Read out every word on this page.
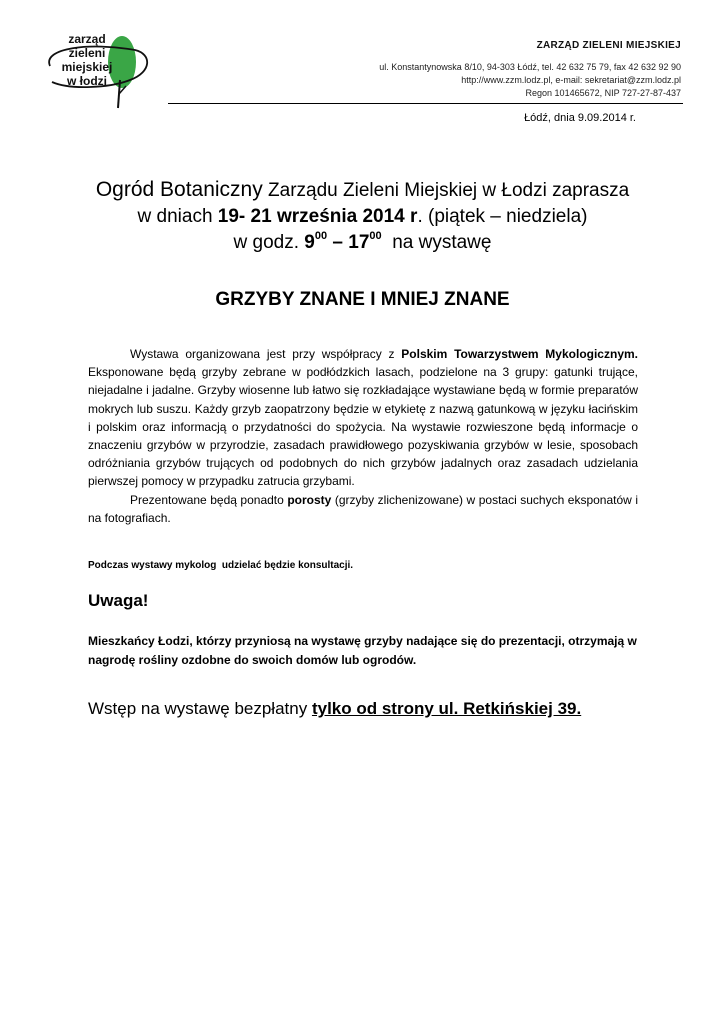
zarząd
zieleni
miejskiej
w łodzi
ZARZĄD ZIELENI MIEJSKIEJ
ul. Konstantynowska 8/10, 94-303 Łódź, tel. 42 632 75 79, fax 42 632 92 90
http://www.zzm.lodz.pl, e-mail: sekretariat@zzm.lodz.pl
Regon 101465672, NIP 727-27-87-437
Łódź, dnia 9.09.2014 r.
Ogród Botaniczny Zarządu Zieleni Miejskiej w Łodzi zaprasza
w dniach 19- 21 września 2014 r. (piątek – niedziela)
w godz. $9^{00} - 17^{00}$  na wystawę
GRZYBY ZNANE I MNIEJ ZNANE

Wystawa organizowana jest przy współpracy z Polskim Towarzystwem Mykologicznym. Eksponowane będą grzyby zebrane w podłódzkich lasach, podzielone na 3 grupy: gatunki trujące, niejadalne i jadalne. Grzyby wiosenne lub łatwo się rozkładające wystawiane będą w formie preparatów mokrych lub suszu. Każdy grzyb zaopatrzony będzie w etykietę z nazwą gatunkową w języku łacińskim i polskim oraz informacją o przydatności do spożycia. Na wystawie rozwieszone będą informacje o znaczeniu grzybów w przyrodzie, zasadach prawidłowego pozyskiwania grzybów w lesie, sposobach odróżniania grzybów trujących od podobnych do nich grzybów jadalnych oraz zasadach udzielania pierwszej pomocy w przypadku zatrucia grzybami.

Prezentowane będą ponadto porosty (grzyby zlichenizowane) w postaci suchych eksponatów i na fotografiach.

Podczas wystawy mykolog  udzielać będzie konsultacji.
Uwaga!
Mieszkańcy Łodzi, którzy przyniosą na wystawę grzyby nadające się do prezentacji, otrzymają w nagrodę rośliny ozdobne do swoich domów lub ogrodów.
Wstęp na wystawę bezpłatny tylko od strony ul. Retkińskiej 39.
